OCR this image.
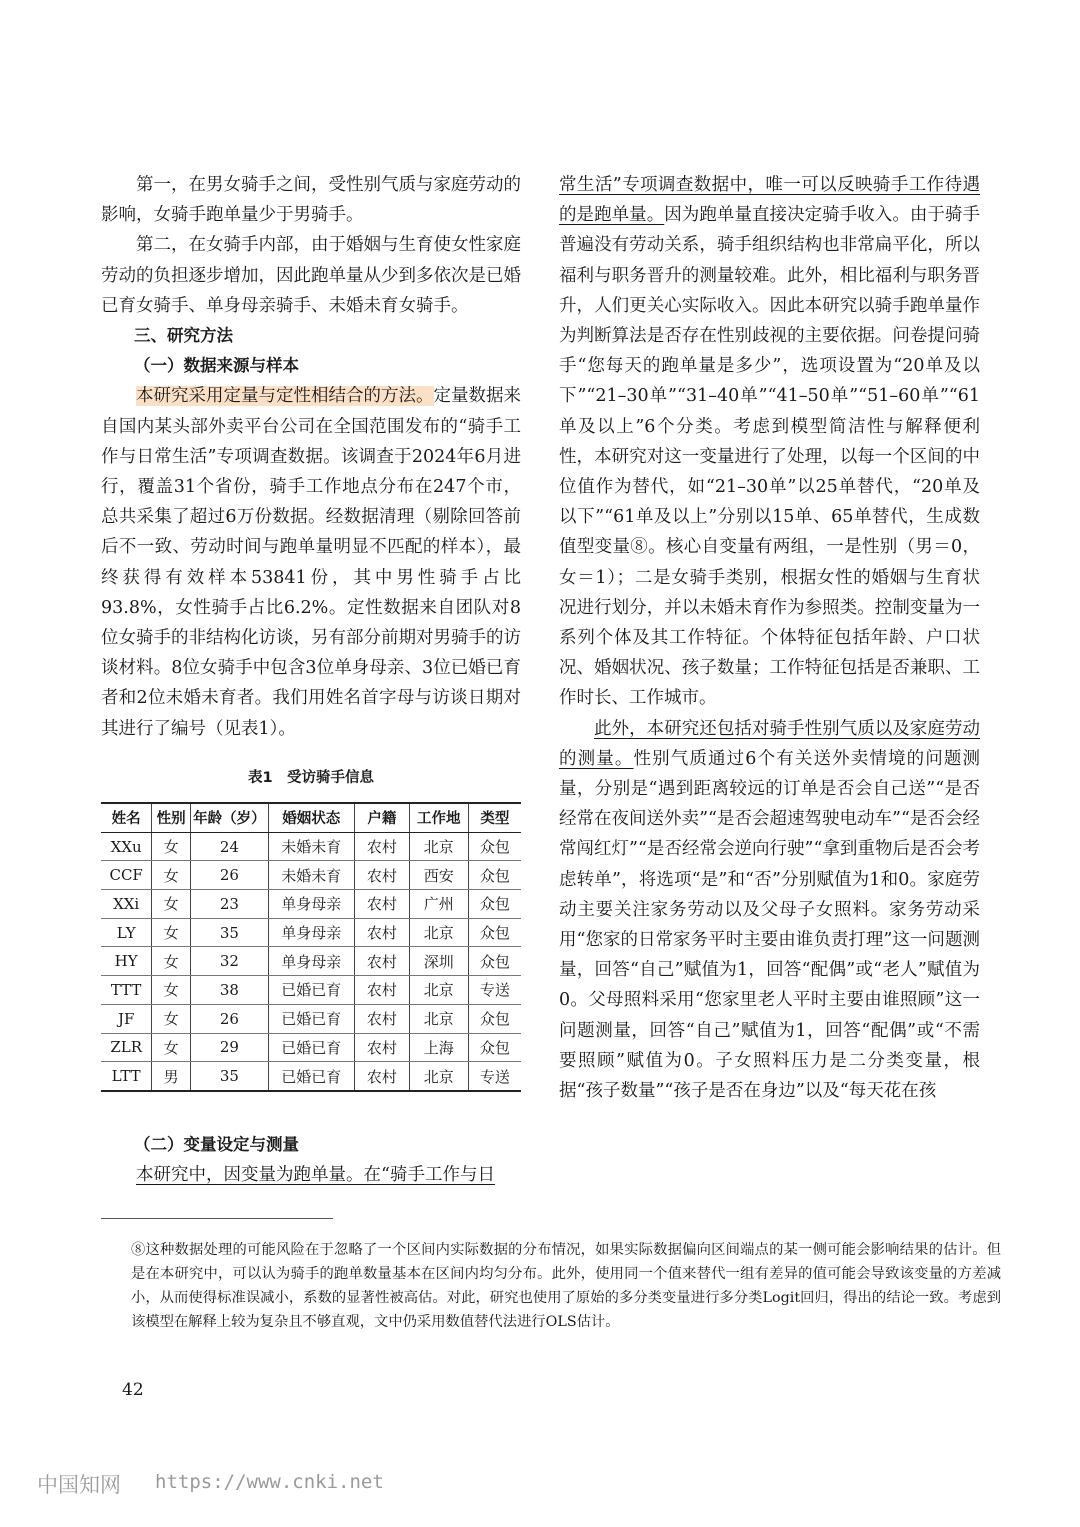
第一，在男女骑手之间，受性别气质与家庭劳动的影响，女骑手跑单量少于男骑手。

第二，在女骑手内部，由于婚姻与生育使女性家庭劳动的负担逐步增加，因此跑单量从少到多依次是已婚已育女骑手、单身母亲骑手、未婚未育女骑手。

三、研究方法

（一）数据来源与样本

本研究采用定量与定性相结合的方法。定量数据来自国内某头部外卖平台公司在全国范围发布的“骑手工作与日常生活”专项调查数据。该调查于2024年6月进行，覆盖31个省份，骑手工作地点分布在247个市，总共采集了超过6万份数据。经数据清理（剔除回答前后不一致、劳动时间与跑单量明显不匹配的样本），最终获得有效样本53841份，其中男性骑手占比93.8%，女性骑手占比6.2%。定性数据来自团队对8位女骑手的非结构化访谈，另有部分前期对男骑手的访谈材料。8位女骑手中包含3位单身母亲、3位已婚已育者和2位未婚未育者。我们用姓名首字母与访谈日期对其进行了编号（见表1）。

表1　受访骑手信息
姓名	性别	年龄（岁）	婚姻状态	户籍	工作地	类型
XXu	女	24	未婚未育	农村	北京	众包
CCF	女	26	未婚未育	农村	西安	众包
XXi	女	23	单身母亲	农村	广州	众包
LY	女	35	单身母亲	农村	北京	众包
HY	女	32	单身母亲	农村	深圳	众包
TTT	女	38	已婚已育	农村	北京	专送
JF	女	26	已婚已育	农村	北京	众包
ZLR	女	29	已婚已育	农村	上海	众包
LTT	男	35	已婚已育	农村	北京	专送

（二）变量设定与测量

本研究中，因变量为跑单量。在“骑手工作与日

常生活”专项调查数据中，唯一可以反映骑手工作待遇的是跑单量。因为跑单量直接决定骑手收入。由于骑手普遍没有劳动关系，骑手组织结构也非常扁平化，所以福利与职务晋升的测量较难。此外，相比福利与职务晋升，人们更关心实际收入。因此本研究以骑手跑单量作为判断算法是否存在性别歧视的主要依据。问卷提问骑手“您每天的跑单量是多少”，选项设置为“20单及以下”“21–30单”“31–40单”“41–50单”“51–60单”“61单及以上”6个分类。考虑到模型简洁性与解释便利性，本研究对这一变量进行了处理，以每一个区间的中位值作为替代，如“21–30单”以25单替代，“20单及以下”“61单及以上”分别以15单、65单替代，生成数值型变量⑧。核心自变量有两组，一是性别（男＝0，女＝1）；二是女骑手类别，根据女性的婚姻与生育状况进行划分，并以未婚未育作为参照类。控制变量为一系列个体及其工作特征。个体特征包括年龄、户口状况、婚姻状况、孩子数量；工作特征包括是否兼职、工作时长、工作城市。

此外，本研究还包括对骑手性别气质以及家庭劳动的测量。性别气质通过6个有关送外卖情境的问题测量，分别是“遇到距离较远的订单是否会自己送”“是否经常在夜间送外卖”“是否会超速驾驶电动车”“是否会经常闯红灯”“是否经常会逆向行驶”“拿到重物后是否会考虑转单”，将选项“是”和“否”分别赋值为1和0。家庭劳动主要关注家务劳动以及父母子女照料。家务劳动采用“您家的日常家务平时主要由谁负责打理”这一问题测量，回答“自己”赋值为1，回答“配偶”或“老人”赋值为0。父母照料采用“您家里老人平时主要由谁照顾”这一问题测量，回答“自己”赋值为1，回答“配偶”或“不需要照顾”赋值为0。子女照料压力是二分类变量，根据“孩子数量”“孩子是否在身边”以及“每天花在孩

⑧这种数据处理的可能风险在于忽略了一个区间内实际数据的分布情况，如果实际数据偏向区间端点的某一侧可能会影响结果的估计。但是在本研究中，可以认为骑手的跑单数量基本在区间内均匀分布。此外，使用同一个值来替代一组有差异的值可能会导致该变量的方差减小，从而使得标准误减小，系数的显著性被高估。对此，研究也使用了原始的多分类变量进行多分类Logit回归，得出的结论一致。考虑到该模型在解释上较为复杂且不够直观，文中仍采用数值替代法进行OLS估计。

42
中国知网 https://www.cnki.net
